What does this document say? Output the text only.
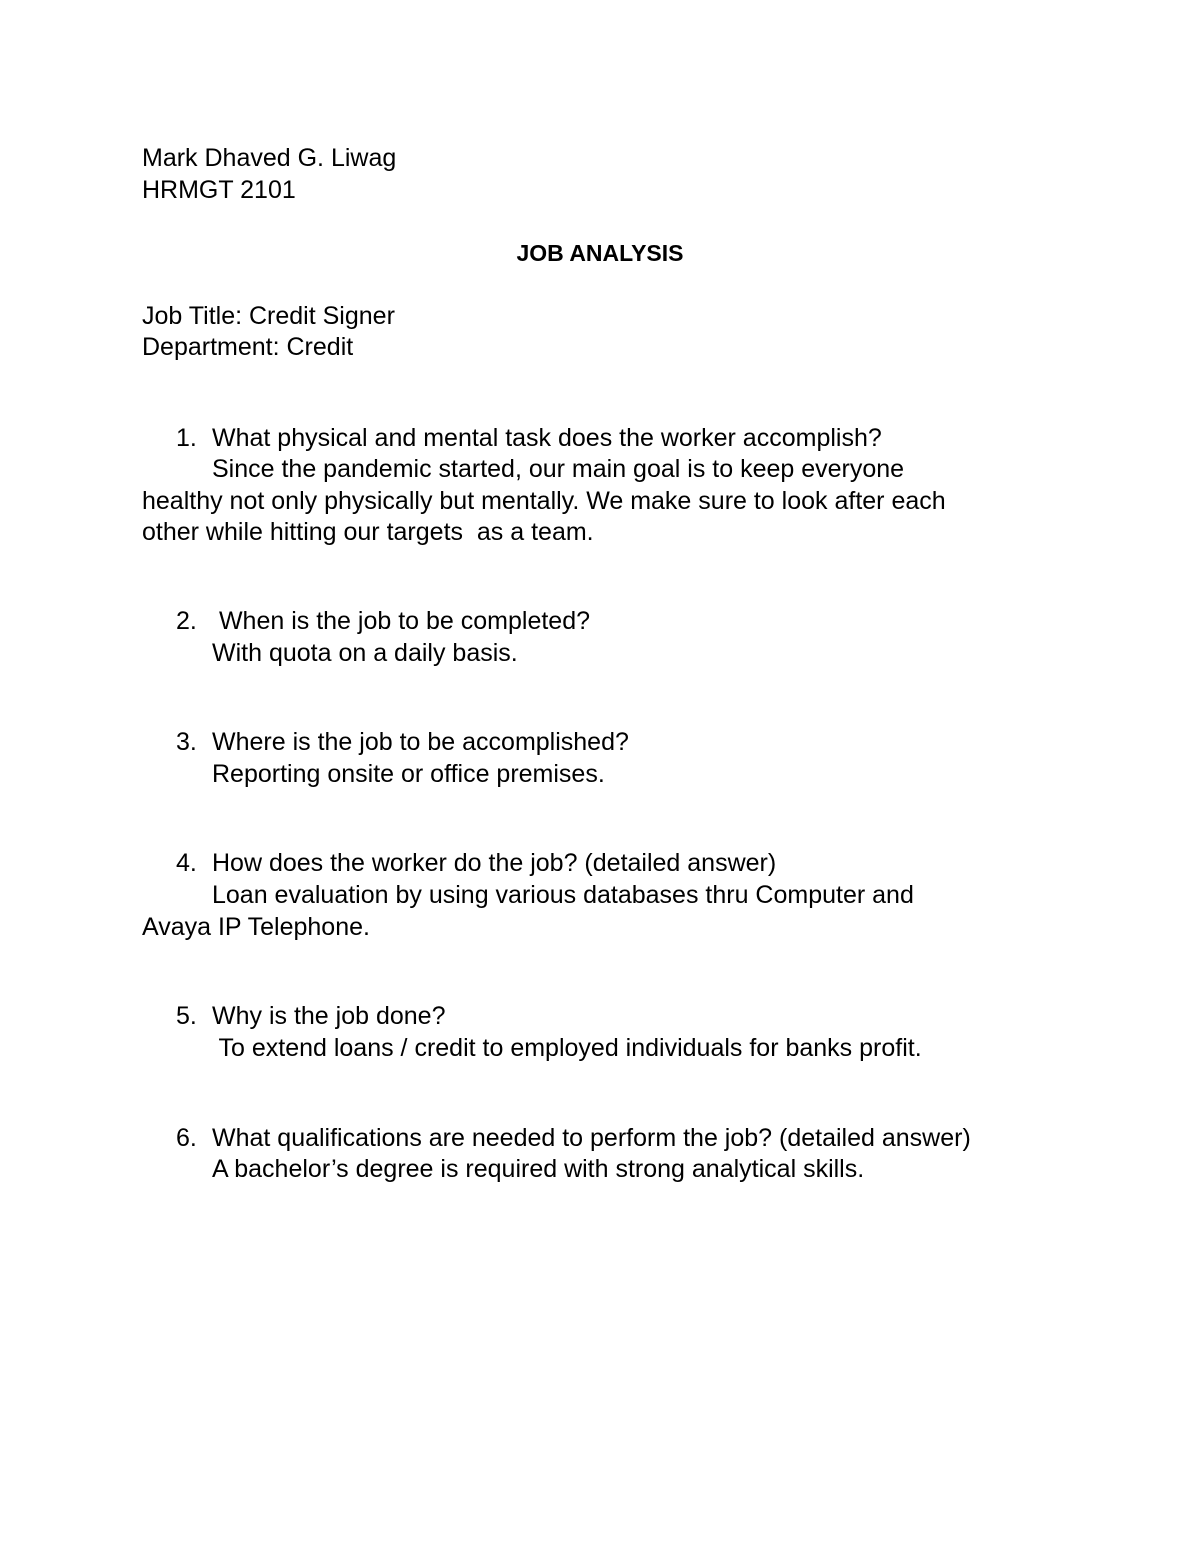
Mark Dhaved G. Liwag

HRMGT 2101

JOB ANALYSIS

Job Title: Credit Signer

Department: Credit

1. What physical and mental task does the worker accomplish?

Since the pandemic started, our main goal is to keep everyone

healthy not only physically but mentally. We make sure to look after each

other while hitting our targets  as a team.

2. When is the job to be completed?

With quota on a daily basis.

3. Where is the job to be accomplished?

Reporting onsite or office premises.

4. How does the worker do the job? (detailed answer)

Loan evaluation by using various databases thru Computer and

Avaya IP Telephone.

5. Why is the job done?

To extend loans / credit to employed individuals for banks profit.

6. What qualifications are needed to perform the job? (detailed answer)

A bachelor’s degree is required with strong analytical skills.
